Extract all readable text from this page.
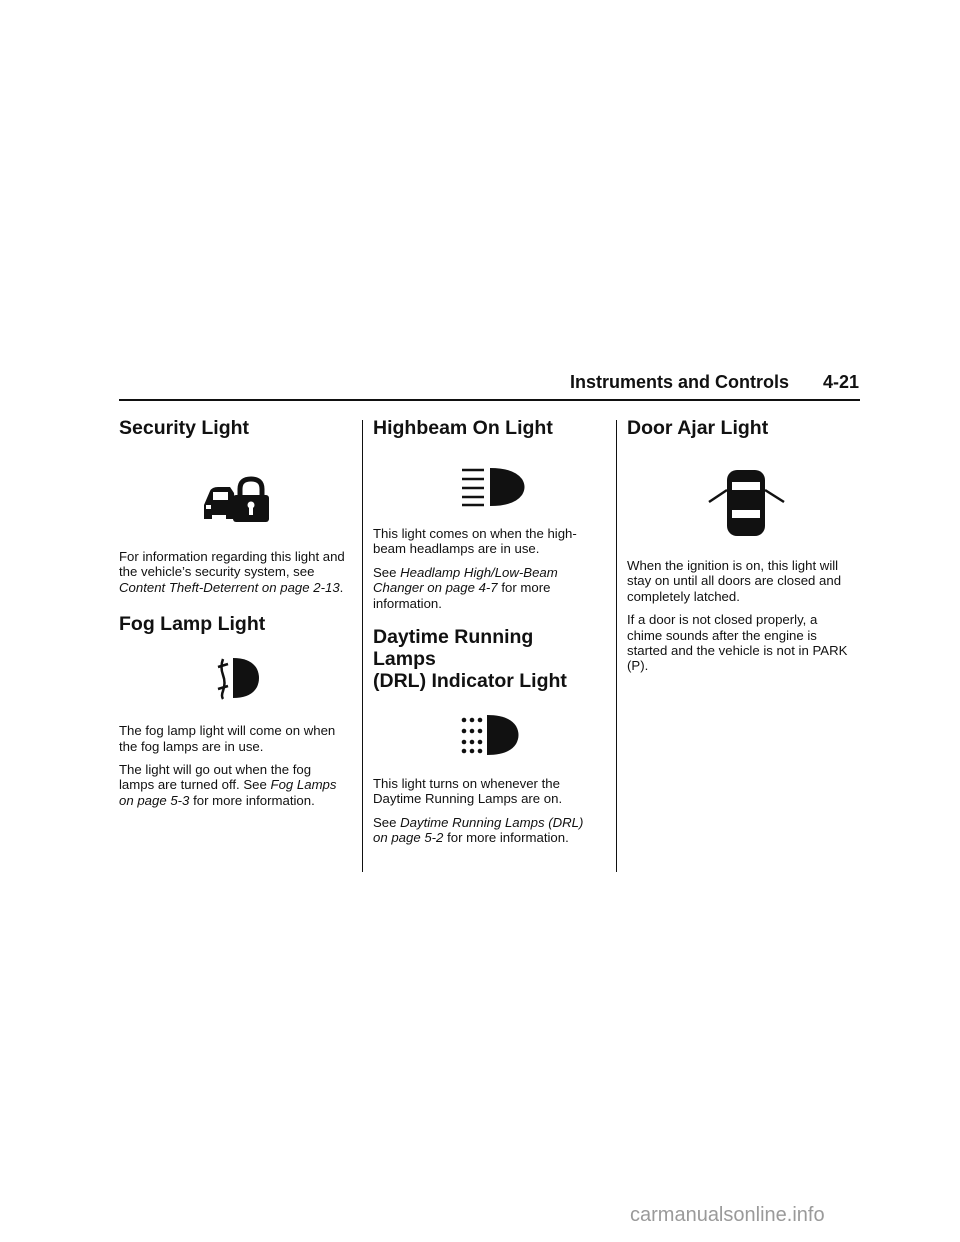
Instruments and Controls 4-21
Security Light

For information regarding this light and the vehicle’s security system, see Content Theft-Deterrent on page 2-13.

Fog Lamp Light

The fog lamp light will come on when the fog lamps are in use.

The light will go out when the fog lamps are turned off. See Fog Lamps on page 5-3 for more information.

Highbeam On Light

This light comes on when the high-beam headlamps are in use.

See Headlamp High/Low-Beam Changer on page 4-7 for more information.

Daytime Running Lamps
(DRL) Indicator Light

This light turns on whenever the Daytime Running Lamps are on.

See Daytime Running Lamps (DRL) on page 5-2 for more information.

Door Ajar Light

When the ignition is on, this light will stay on until all doors are closed and completely latched.

If a door is not closed properly, a chime sounds after the engine is started and the vehicle is not in PARK (P).

carmanualsonline.info
